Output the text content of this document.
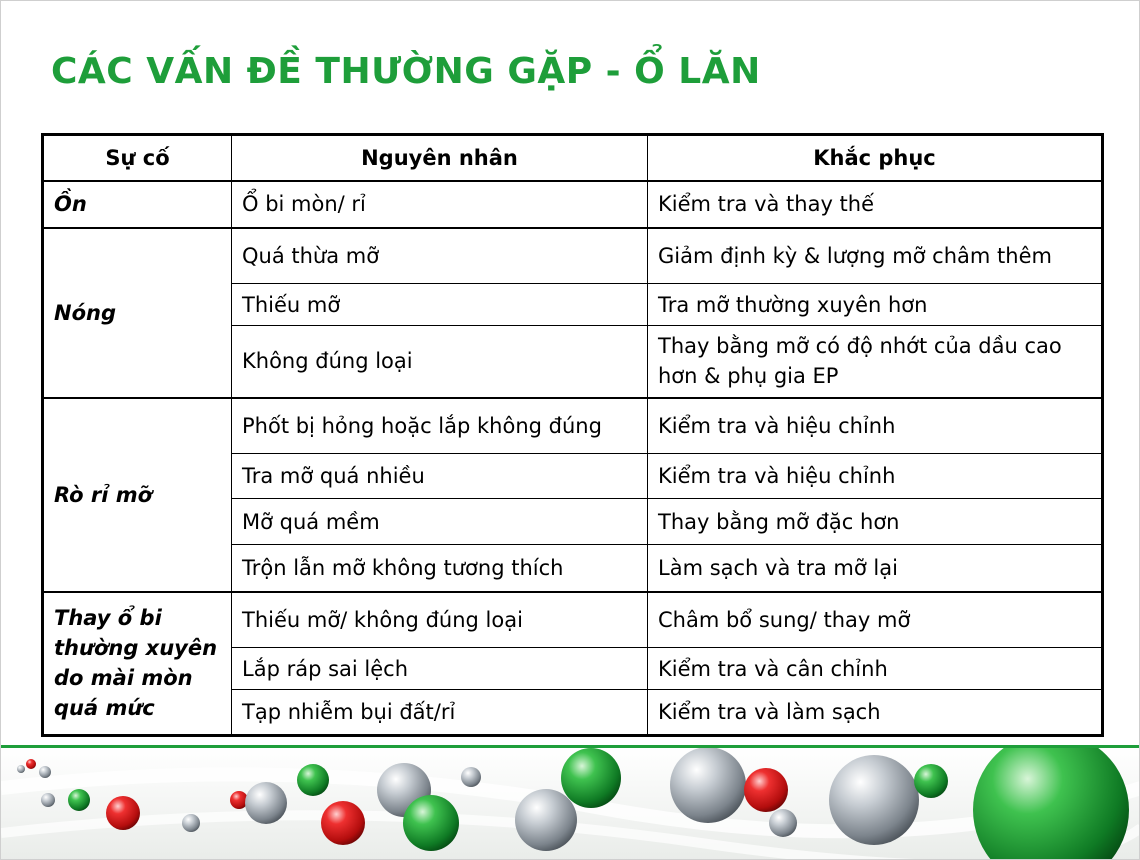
CÁC VẤN ĐỀ THƯỜNG GẶP - Ổ LĂN
Sự cố	Nguyên nhân	Khắc phục
Ồn	Ổ bi mòn/ rỉ	Kiểm tra và thay thế
Nóng	Quá thừa mỡ	Giảm định kỳ & lượng mỡ châm thêm
	Thiếu mỡ	Tra mỡ thường xuyên hơn
	Không đúng loại	Thay bằng mỡ có độ nhớt của dầu cao hơn & phụ gia EP
Rò rỉ mỡ	Phốt bị hỏng hoặc lắp không đúng	Kiểm tra và hiệu chỉnh
	Tra mỡ quá nhiều	Kiểm tra và hiệu chỉnh
	Mỡ quá mềm	Thay bằng mỡ đặc hơn
	Trộn lẫn mỡ không tương thích	Làm sạch và tra mỡ lại
Thay ổ bi thường xuyên do mài mòn quá mức	Thiếu mỡ/ không đúng loại	Châm bổ sung/ thay mỡ
	Lắp ráp sai lệch	Kiểm tra và cân chỉnh
	Tạp nhiễm bụi đất/rỉ	Kiểm tra và làm sạch
